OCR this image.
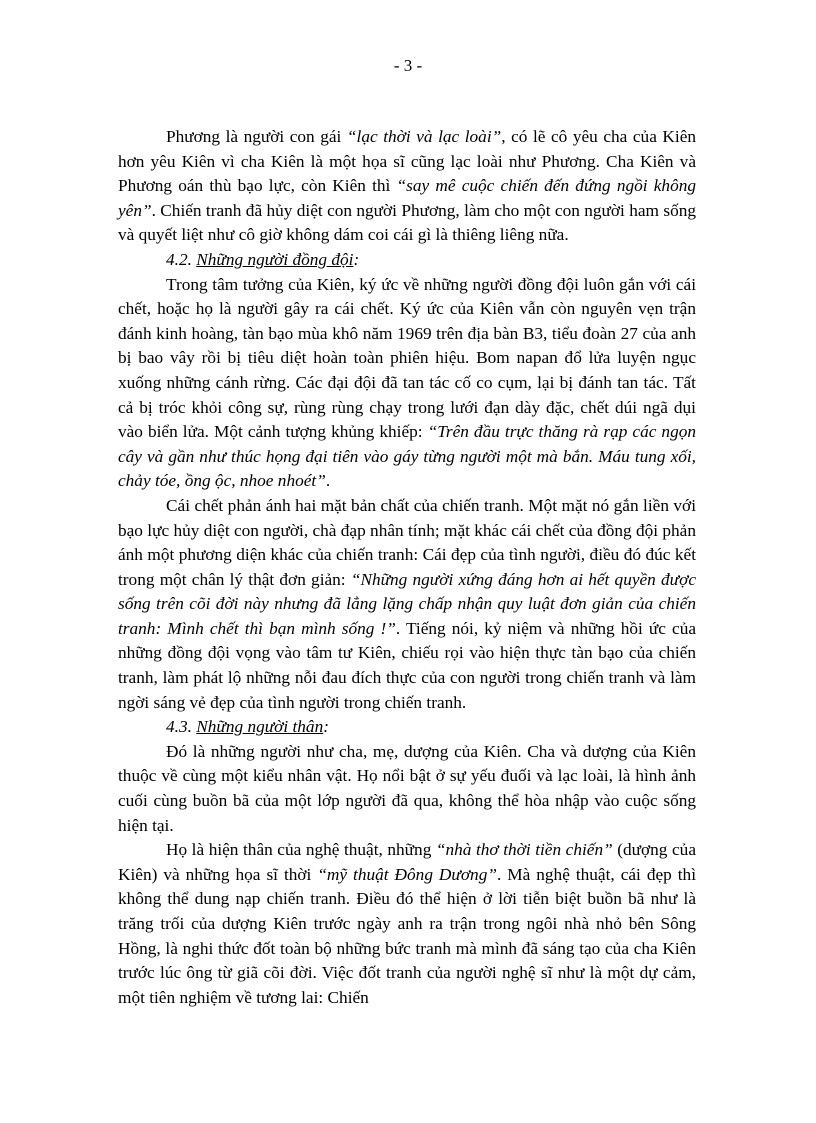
- 3 -

Phương là người con gái “lạc thời và lạc loài”, có lẽ cô yêu cha của Kiên hơn yêu Kiên vì cha Kiên là một họa sĩ cũng lạc loài như Phương. Cha Kiên và Phương oán thù bạo lực, còn Kiên thì “say mê cuộc chiến đến đứng ngồi không yên”. Chiến tranh đã hủy diệt con người Phương, làm cho một con người ham sống và quyết liệt như cô giờ không dám coi cái gì là thiêng liêng nữa.

4.2. Những người đồng đội:

Trong tâm tưởng của Kiên, ký ức về những người đồng đội luôn gắn với cái chết, hoặc họ là người gây ra cái chết. Ký ức của Kiên vẫn còn nguyên vẹn trận đánh kinh hoàng, tàn bạo mùa khô năm 1969 trên địa bàn B3, tiểu đoàn 27 của anh bị bao vây rồi bị tiêu diệt hoàn toàn phiên hiệu. Bom napan đổ lửa luyện ngục xuống những cánh rừng. Các đại đội đã tan tác cố co cụm, lại bị đánh tan tác. Tất cả bị tróc khỏi công sự, rùng rùng chạy trong lưới đạn dày đặc, chết dúi ngã dụi vào biển lửa. Một cảnh tượng khủng khiếp: “Trên đầu trực thăng rà rạp các ngọn cây và gần như thúc họng đại tiên vào gáy từng người một mà bắn. Máu tung xối, chảy tóe, ồng ộc, nhoe nhoét”.

Cái chết phản ánh hai mặt bản chất của chiến tranh. Một mặt nó gắn liền với bạo lực hủy diệt con người, chà đạp nhân tính; mặt khác cái chết của đồng đội phản ánh một phương diện khác của chiến tranh: Cái đẹp của tình người, điều đó đúc kết trong một chân lý thật đơn giản: “Những người xứng đáng hơn ai hết quyền được sống trên cõi đời này nhưng đã lẳng lặng chấp nhận quy luật đơn giản của chiến tranh: Mình chết thì bạn mình sống !”. Tiếng nói, kỷ niệm và những hồi ức của những đồng đội vọng vào tâm tư Kiên, chiếu rọi vào hiện thực tàn bạo của chiến tranh, làm phát lộ những nỗi đau đích thực của con người trong chiến tranh và làm ngời sáng vẻ đẹp của tình người trong chiến tranh.

4.3. Những người thân:

Đó là những người như cha, mẹ, dượng của Kiên. Cha và dượng của Kiên thuộc về cùng một kiểu nhân vật. Họ nổi bật ở sự yếu đuối và lạc loài, là hình ảnh cuối cùng buồn bã của một lớp người đã qua, không thể hòa nhập vào cuộc sống hiện tại.

Họ là hiện thân của nghệ thuật, những “nhà thơ thời tiền chiến” (dượng của Kiên) và những họa sĩ thời “mỹ thuật Đông Dương”. Mà nghệ thuật, cái đẹp thì không thể dung nạp chiến tranh. Điều đó thể hiện ở lời tiễn biệt buồn bã như là trăng trối của dượng Kiên trước ngày anh ra trận trong ngôi nhà nhỏ bên Sông Hồng, là nghi thức đốt toàn bộ những bức tranh mà mình đã sáng tạo của cha Kiên trước lúc ông từ giã cõi đời. Việc đốt tranh của người nghệ sĩ như là một dự cảm, một tiên nghiệm về tương lai: Chiến
